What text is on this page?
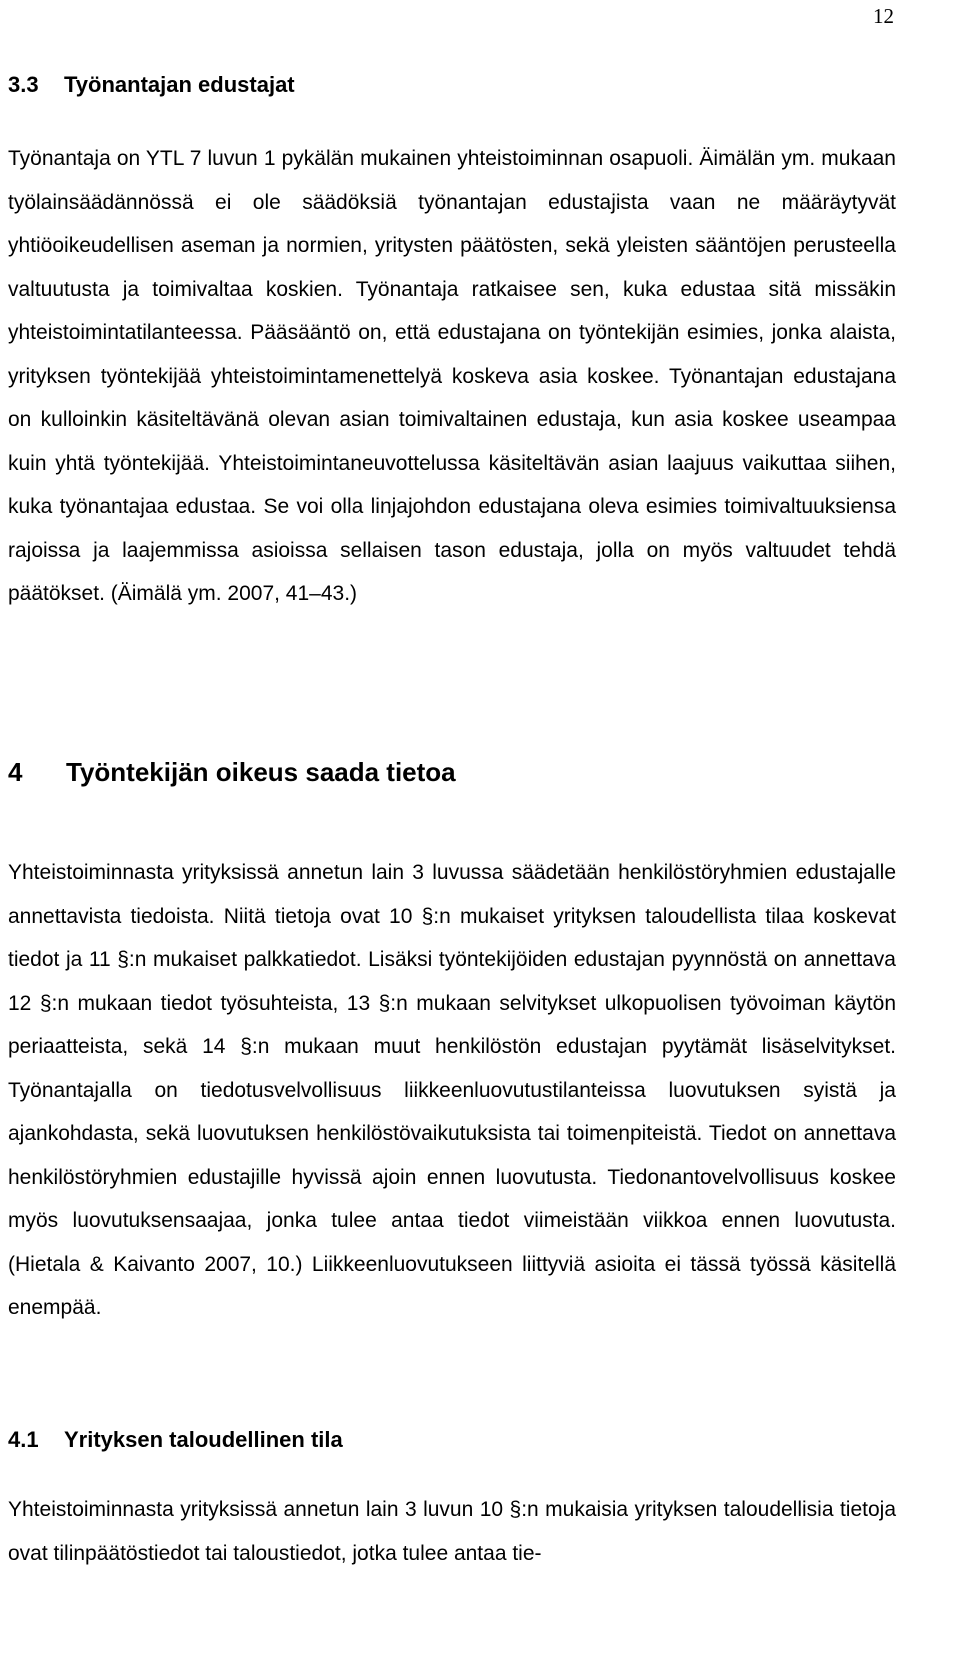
12
3.3 Työnantajan edustajat

Työnantaja on YTL 7 luvun 1 pykälän mukainen yhteistoiminnan osapuoli. Äimälän ym. mukaan työlainsäädännössä ei ole säädöksiä työnantajan edustajista vaan ne määräytyvät yhtiöoikeudellisen aseman ja normien, yritysten päätösten, sekä yleisten sääntöjen perusteella valtuutusta ja toimivaltaa koskien. Työnantaja ratkaisee sen, kuka edustaa sitä missäkin yhteistoimintatilanteessa. Pääsääntö on, että edustajana on työntekijän esimies, jonka alaista, yrityksen työntekijää yhteistoimintamenettelyä koskeva asia koskee. Työnantajan edustajana on kulloinkin käsiteltävänä olevan asian toimivaltainen edustaja, kun asia koskee useampaa kuin yhtä työntekijää. Yhteistoimintaneuvottelussa käsiteltävän asian laajuus vaikuttaa siihen, kuka työnantajaa edustaa. Se voi olla linjajohdon edustajana oleva esimies toimivaltuuksiensa rajoissa ja laajemmissa asioissa sellaisen tason edustaja, jolla on myös valtuudet tehdä päätökset. (Äimälä ym. 2007, 41–43.)

4 Työntekijän oikeus saada tietoa

Yhteistoiminnasta yrityksissä annetun lain 3 luvussa säädetään henkilöstöryhmien edustajalle annettavista tiedoista. Niitä tietoja ovat 10 §:n mukaiset yrityksen taloudellista tilaa koskevat tiedot ja 11 §:n mukaiset palkkatiedot. Lisäksi työntekijöiden edustajan pyynnöstä on annettava 12 §:n mukaan tiedot työsuhteista, 13 §:n mukaan selvitykset ulkopuolisen työvoiman käytön periaatteista, sekä 14 §:n mukaan muut henkilöstön edustajan pyytämät lisäselvitykset. Työnantajalla on tiedotusvelvollisuus liikkeenluovutustilanteissa luovutuksen syistä ja ajankohdasta, sekä luovutuksen henkilöstövaikutuksista tai toimenpiteistä. Tiedot on annettava henkilöstöryhmien edustajille hyvissä ajoin ennen luovutusta. Tiedonantovelvollisuus koskee myös luovutuksensaajaa, jonka tulee antaa tiedot viimeistään viikkoa ennen luovutusta. (Hietala & Kaivanto 2007, 10.) Liikkeenluovutukseen liittyviä asioita ei tässä työssä käsitellä enempää.

4.1 Yrityksen taloudellinen tila

Yhteistoiminnasta yrityksissä annetun lain 3 luvun 10 §:n mukaisia yrityksen taloudellisia tietoja ovat tilinpäätöstiedot tai taloustiedot, jotka tulee antaa tie-
